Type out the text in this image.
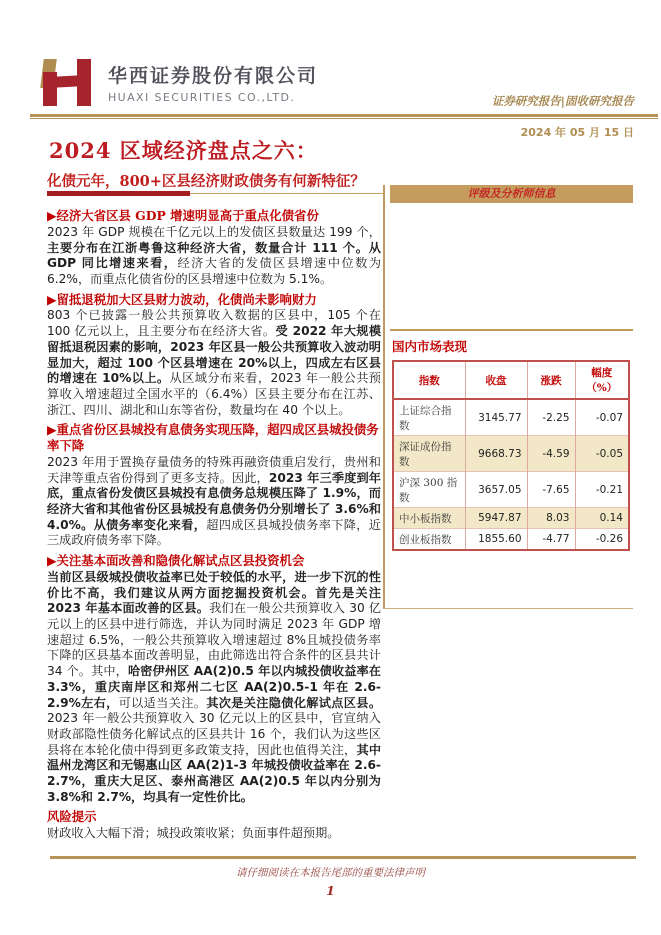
华西证券股份有限公司
HUAXI SECURITIES CO.,LTD.	证券研究报告|固收研究报告
2024 年 05 月 15 日
2024 区域经济盘点之六：
化债元年，800+区县经济财政债务有何新特征？
▶经济大省区县 GDP 增速明显高于重点化债省份
2023 年 GDP 规模在千亿元以上的发债区县数量达 199 个，主要分布在江浙粤鲁这种经济大省，数量合计 111 个。从 GDP 同比增速来看，经济大省的发债区县增速中位数为 6.2%，而重点化债省份的区县增速中位数为 5.1%。
▶留抵退税加大区县财力波动，化债尚未影响财力
803 个已披露一般公共预算收入数据的区县中，105 个在 100 亿元以上，且主要分布在经济大省。受 2022 年大规模留抵退税因素的影响，2023 年区县一般公共预算收入波动明显加大，超过 100 个区县增速在 20%以上，四成左右区县的增速在 10%以上。从区域分布来看，2023 年一般公共预算收入增速超过全国水平的（6.4%）区县主要分布在江苏、浙江、四川、湖北和山东等省份，数量均在 40 个以上。
▶重点省份区县城投有息债务实现压降，超四成区县城投债务率下降
2023 年用于置换存量债务的特殊再融资债重启发行，贵州和天津等重点省份得到了更多支持。因此，2023 年三季度到年底，重点省份发债区县城投有息债务总规模压降了 1.9%，而经济大省和其他省份区县城投有息债务仍分别增长了 3.6%和 4.0%。从债务率变化来看，超四成区县城投债务率下降，近三成政府债务率下降。
▶关注基本面改善和隐债化解试点区县投资机会
当前区县级城投债收益率已处于较低的水平，进一步下沉的性价比不高，我们建议从两方面挖掘投资机会。首先是关注 2023 年基本面改善的区县。我们在一般公共预算收入 30 亿元以上的区县中进行筛选，并认为同时满足 2023 年 GDP 增速超过 6.5%，一般公共预算收入增速超过 8%且城投债务率下降的区县基本面改善明显，由此筛选出符合条件的区县共计 34 个。其中，哈密伊州区 AA(2)0.5 年以内城投债收益率在 3.3%，重庆南岸区和郑州二七区 AA(2)0.5-1 年在 2.6-2.9%左右，可以适当关注。其次是关注隐债化解试点区县。2023 年一般公共预算收入 30 亿元以上的区县中，官宣纳入财政部隐性债务化解试点的区县共计 16 个，我们认为这些区县将在本轮化债中得到更多政策支持，因此也值得关注，其中温州龙湾区和无锡惠山区 AA(2)1-3 年城投债收益率在 2.6-2.7%，重庆大足区、泰州高港区 AA(2)0.5 年以内分别为 3.8%和 2.7%，均具有一定性价比。
风险提示
财政收入大幅下滑；城投政策收紧；负面事件超预期。
评级及分析师信息
国内市场表现
指数	收盘	涨跌	幅度（%）
上证综合指数	3145.77	-2.25	-0.07
深证成份指数	9668.73	-4.59	-0.05
沪深 300 指数	3657.05	-7.65	-0.21
中小板指数	5947.87	8.03	0.14
创业板指数	1855.60	-4.77	-0.26
请仔细阅读在本报告尾部的重要法律声明
1
